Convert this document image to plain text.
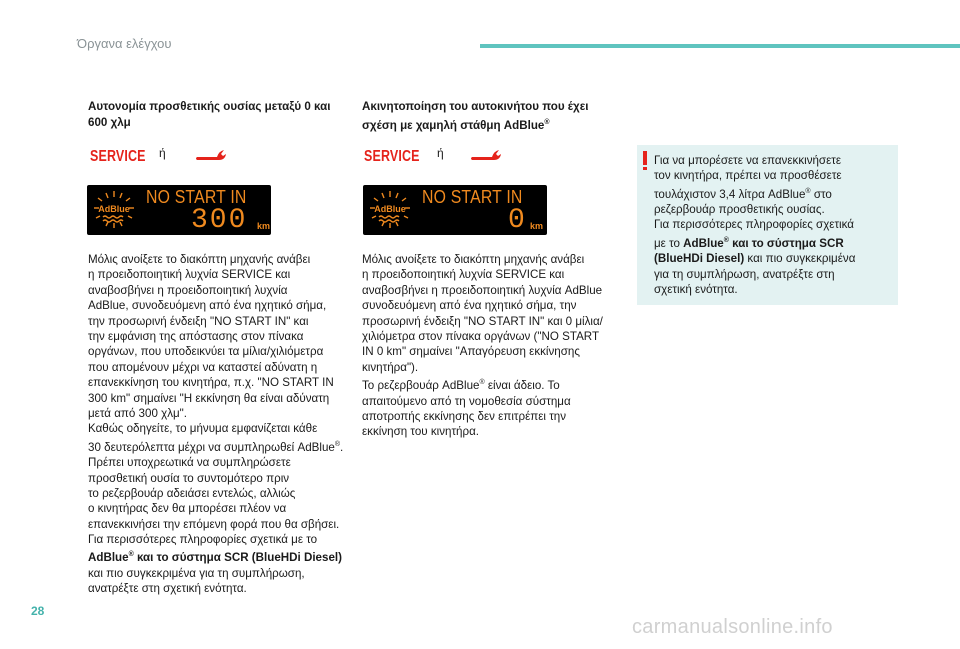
Όργανα ελέγχου
Αυτονομία προσθετικής ουσίας μεταξύ 0 και 600 χλμ
SERVICE ή
AdBlue
NO START IN
300 km

Μόλις ανοίξετε το διακόπτη μηχανής ανάβει
η προειδοποιητική λυχνία SERVICE και
αναβοσβήνει η προειδοποιητική λυχνία
AdBlue, συνοδευόμενη από ένα ηχητικό σήμα,
την προσωρινή ένδειξη "NO START IN" και
την εμφάνιση της απόστασης στον πίνακα
οργάνων, που υποδεικνύει τα μίλια/χιλιόμετρα
που απομένουν μέχρι να καταστεί αδύνατη η
επανεκκίνηση του κινητήρα, π.χ. "NO START IN
300 km" σημαίνει "Η εκκίνηση θα είναι αδύνατη
μετά από 300 χλμ".
Καθώς οδηγείτε, το μήνυμα εμφανίζεται κάθε
30 δευτερόλεπτα μέχρι να συμπληρωθεί AdBlue®.

Πρέπει υποχρεωτικά να συμπληρώσετε
προσθετική ουσία το συντομότερο πριν
το ρεζερβουάρ αδειάσει εντελώς, αλλιώς
ο κινητήρας δεν θα μπορέσει πλέον να
επανεκκινήσει την επόμενη φορά που θα σβήσει.
Για περισσότερες πληροφορίες σχετικά με το

AdBlue® και το σύστημα SCR (BlueHDi Diesel)

και πιο συγκεκριμένα για τη συμπλήρωση,
ανατρέξτε στη σχετική ενότητα.

Ακινητοποίηση του αυτοκινήτου που έχει σχέση με χαμηλή στάθμη AdBlue®
SERVICE ή
AdBlue
NO START IN
0 km

Μόλις ανοίξετε το διακόπτη μηχανής ανάβει
η προειδοποιητική λυχνία SERVICE και
αναβοσβήνει η προειδοποιητική λυχνία AdBlue
συνοδευόμενη από ένα ηχητικό σήμα, την
προσωρινή ένδειξη "NO START IN" και 0 μίλια/
χιλιόμετρα στον πίνακα οργάνων ("NO START
IN 0 km" σημαίνει "Απαγόρευση εκκίνησης
κινητήρα").
Το ρεζερβουάρ AdBlue® είναι άδειο. Το
απαιτούμενο από τη νομοθεσία σύστημα
αποτροπής εκκίνησης δεν επιτρέπει την
εκκίνηση του κινητήρα.

Για να μπορέσετε να επανεκκινήσετε
τον κινητήρα, πρέπει να προσθέσετε
τουλάχιστον 3,4 λίτρα AdBlue® στο
ρεζερβουάρ προσθετικής ουσίας.
Για περισσότερες πληροφορίες σχετικά
με το AdBlue® και το σύστημα SCR
(BlueHDi Diesel) και πιο συγκεκριμένα
για τη συμπλήρωση, ανατρέξτε στη
σχετική ενότητα.

28
carmanualsonline.info
